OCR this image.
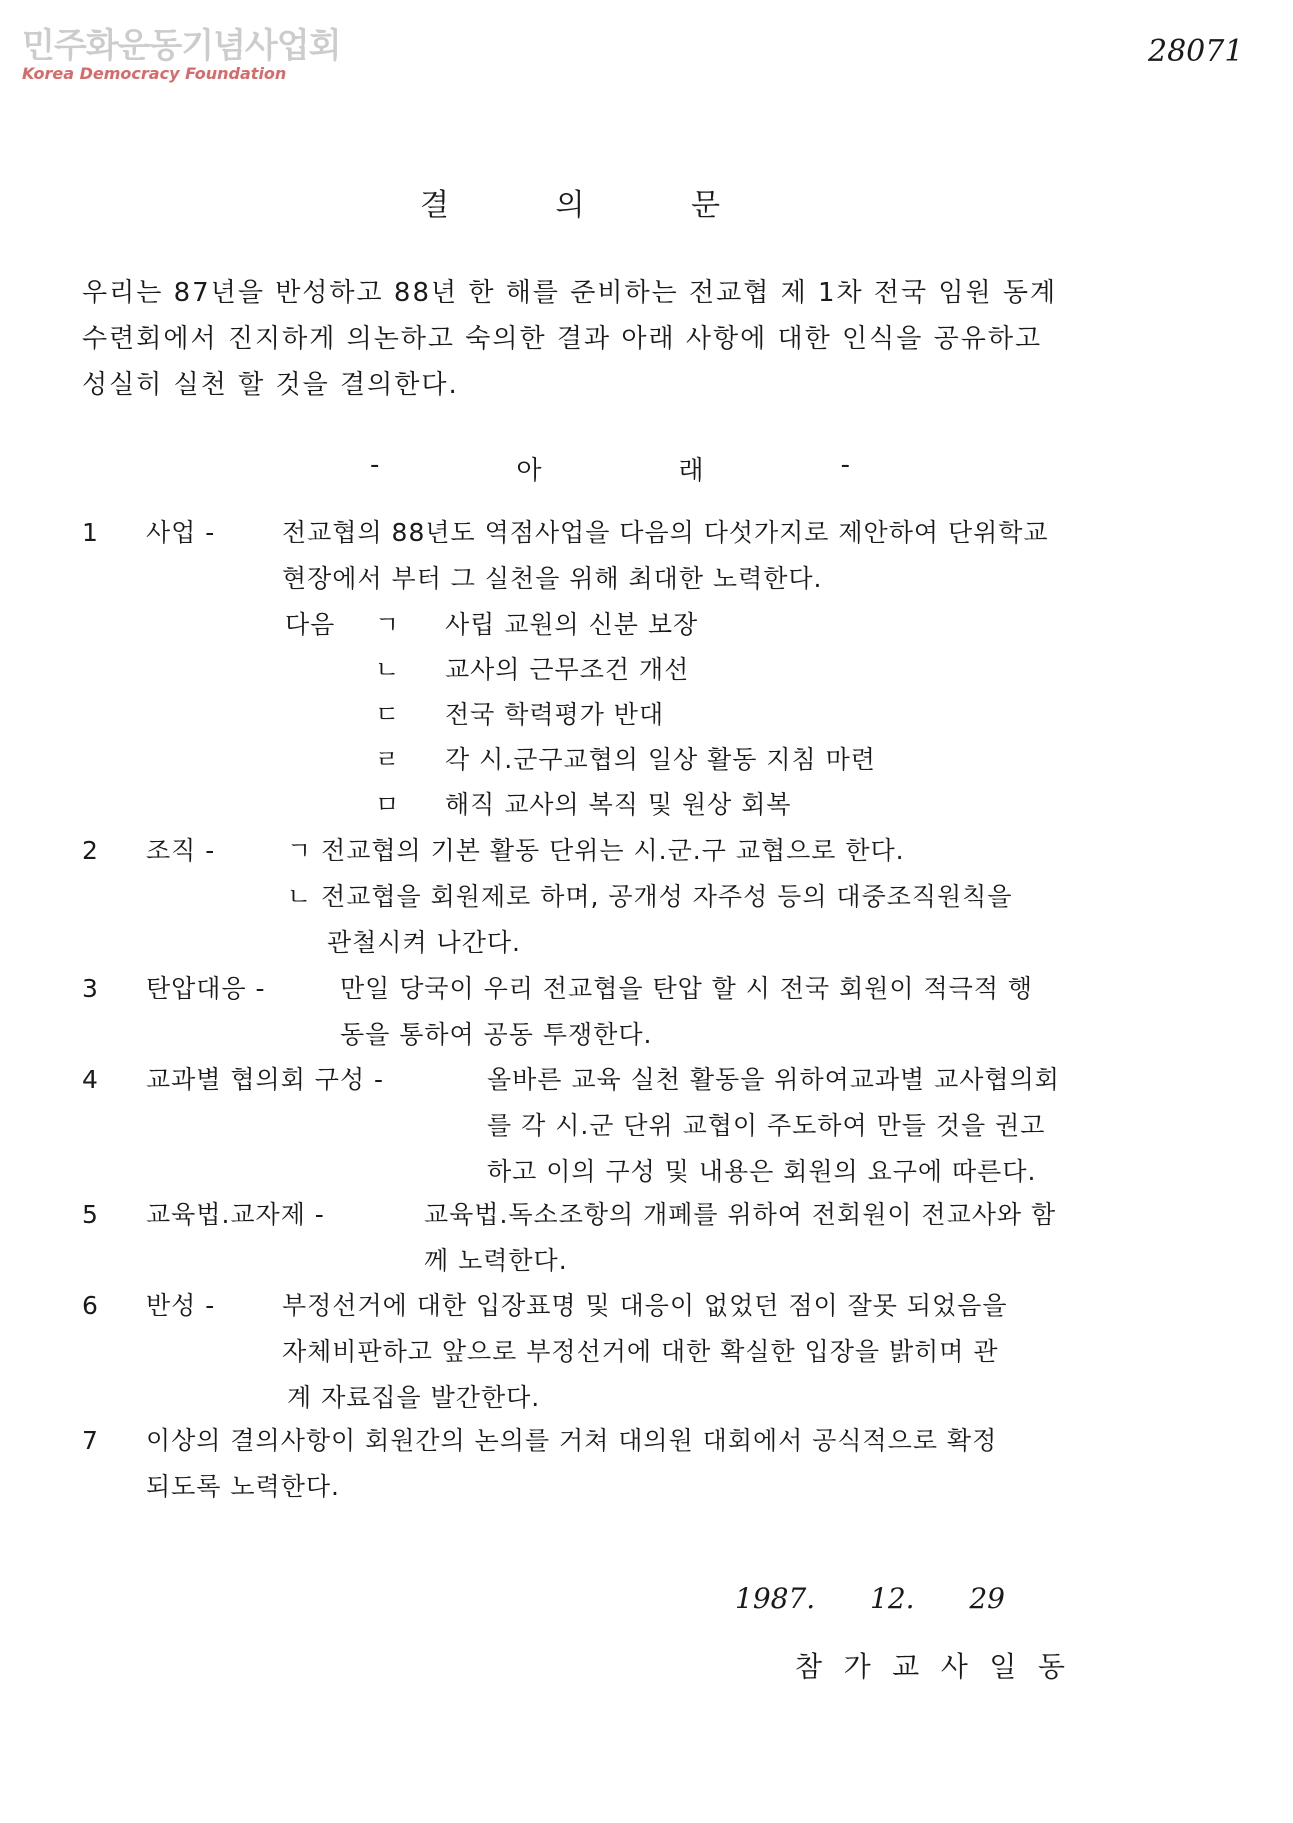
민주화운동기념사업회
Korea Democracy Foundation
28071
결	의	문

우리는 87년을 반성하고 88년 한 해를 준비하는 전교협 제 1차 전국 임원 동계

수련회에서 진지하게 의논하고 숙의한 결과 아래 사항에 대한 인식을 공유하고

성실히 실천 할 것을 결의한다.

-	아	래	-
1 사업 -	전교협의 88년도 역점사업을 다음의 다섯가지로 제안하여 단위학교
현장에서 부터 그 실천을 위해 최대한 노력한다.
다음 ㄱ 사립 교원의 신분 보장
ㄴ 교사의 근무조건 개선
ㄷ 전국 학력평가 반대
ㄹ 각 시.군구교협의 일상 활동 지침 마련
ㅁ 해직 교사의 복직 및 원상 회복
2 조직 -	ㄱ 전교협의 기본 활동 단위는 시.군.구 교협으로 한다.
ㄴ 전교협을 회원제로 하며, 공개성 자주성 등의 대중조직원칙을
관철시켜 나간다.
3 탄압대응 -	만일 당국이 우리 전교협을 탄압 할 시 전국 회원이 적극적 행
동을 통하여 공동 투쟁한다.
4 교과별 협의회 구성 -	올바른 교육 실천 활동을 위하여교과별 교사협의회
를 각 시.군 단위 교협이 주도하여 만들 것을 권고
하고 이의 구성 및 내용은 회원의 요구에 따른다.
5 교육법.교자제 -	교육법.독소조항의 개폐를 위하여 전회원이 전교사와 함
께 노력한다.
6 반성 -	부정선거에 대한 입장표명 및 대응이 없었던 점이 잘못 되었음을
자체비판하고 앞으로 부정선거에 대한 확실한 입장을 밝히며 관
계 자료집을 발간한다.
7 이상의 결의사항이 회원간의 논의를 거쳐 대의원 대회에서 공식적으로 확정
되도록 노력한다.
1987. 12. 29
참 가 교 사 일 동
